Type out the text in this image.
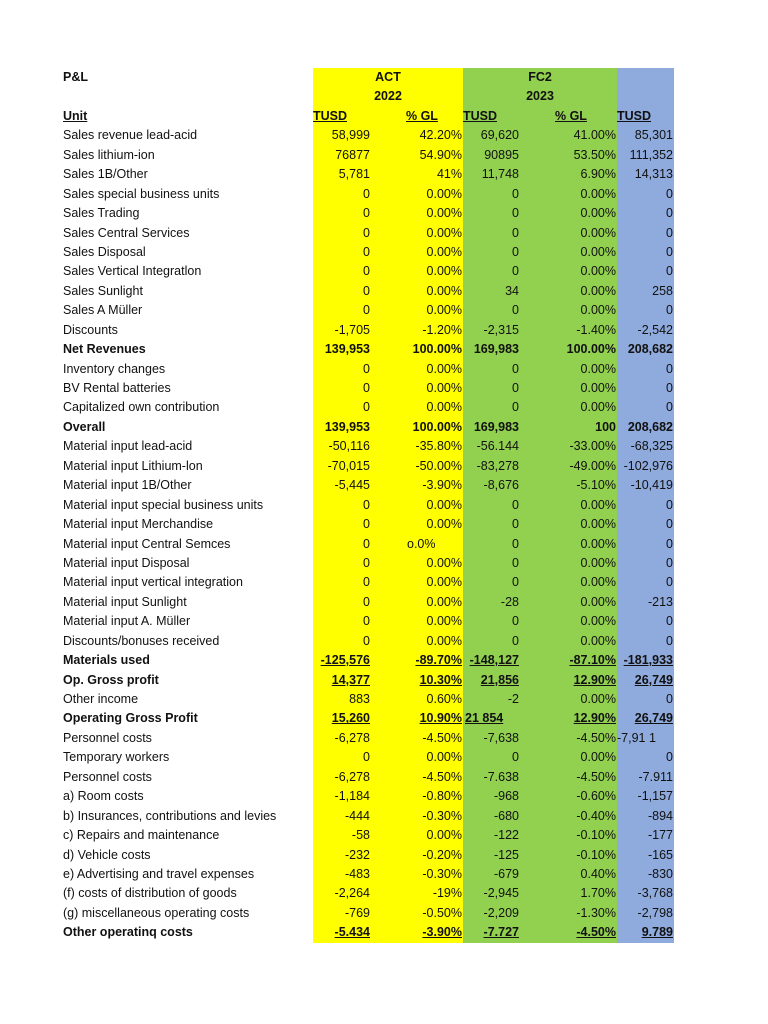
P&L	ACT	FC2
2022	2023
Unit	TUSD	% GL	TUSD	% GL	TUSD
Sales revenue lead-acid	58,999	42.20%	69,620	41.00%	85,301
Sales lithium-ion	76877	54.90%	90895	53.50%	111,352
Sales 1B/Other	5,781	41%	11,748	6.90%	14,313
Sales special business units	0	0.00%	0	0.00%	0
Sales Trading	0	0.00%	0	0.00%	0
Sales Central Services	0	0.00%	0	0.00%	0
Sales Disposal	0	0.00%	0	0.00%	0
Sales Vertical Integratlon	0	0.00%	0	0.00%	0
Sales Sunlight	0	0.00%	34	0.00%	258
Sales A Müller	0	0.00%	0	0.00%	0
Discounts	-1,705	-1.20%	-2,315	-1.40%	-2,542
Net Revenues	139,953	100.00% 169,983	100.00% 208,682
Inventory changes	0	0.00%	0	0.00%	0
BV Rental batteries	0	0.00%	0	0.00%	0
Capitalized own contribution	0	0.00%	0	0.00%	0
Overall	139,953	100.00% 169,983	100 208,682
Material input lead-acid	-50,116	-35.80%	-56.144	-33.00%	-68,325
Material input Lithium-lon	-70,015	-50.00%	-83,278	-49.00% -102,976
Material input 1B/Other	-5,445	-3.90%	-8,676	-5.10%	-10,419
Material input special business units	0	0.00%	0	0.00%	0
Material input Merchandise	0	0.00%	0	0.00%	0
Material input Central Semces	0	o.0%	0	0.00%	0
Material input Disposal	0	0.00%	0	0.00%	0
Material input vertical integration	0	0.00%	0	0.00%	0
Material input Sunlight	0	0.00%	-28	0.00%	-213
Material input A. Müller	0	0.00%	0	0.00%	0
Discounts/bonuses received	0	0.00%	0	0.00%	0
Materials used	-125,576	-89.70% -148,127	-87.10% -181,933
Op. Gross profit	14,377	10.30%	21,856	12.90%	26,749
Other income	883	0.60%	-2	0.00%	0
Operating Gross Profit	15,260	10.90% 21 854	12.90%	26,749
Personnel costs	-6,278	-4.50%	-7,638	-4.50% -7,91 1
Temporary workers	0	0.00%	0	0.00%	0
Personnel costs	-6,278	-4.50%	-7.638	-4.50%	-7.911
a) Room costs	-1,184	-0.80%	-968	-0.60%	-1,157
b) Insurances, contributions and levies	-444	-0.30%	-680	-0.40%	-894
c) Repairs and maintenance	-58	0.00%	-122	-0.10%	-177
d) Vehicle costs	-232	-0.20%	-125	-0.10%	-165
e) Advertising and travel expenses	-483	-0.30%	-679	0.40%	-830
(f) costs of distribution of goods	-2,264	-19%	-2,945	1.70%	-3,768
(g) miscellaneous operating costs	-769	-0.50%	-2,209	-1.30%	-2,798
Other operatinq costs	-5.434	-3.90%	-7.727	-4.50%	9.789
